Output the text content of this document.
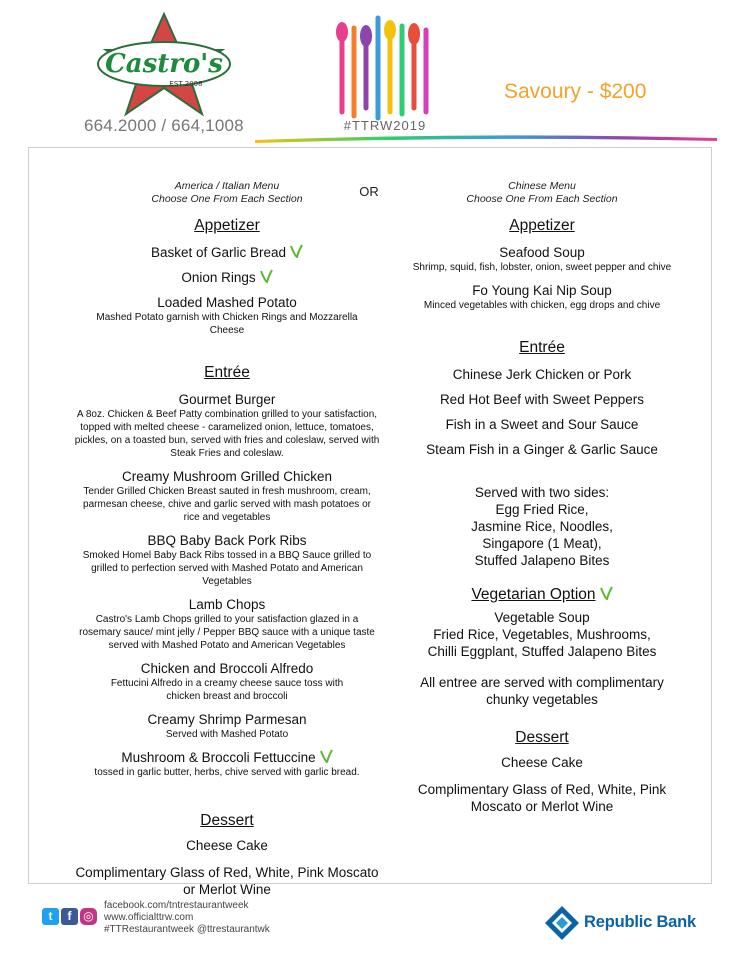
Castro's
EST 2008
664.2000 / 664,1008	#TTRW2019
Savoury - $200
OR
America / Italian Menu
Choose One From Each Section
Appetizer
Basket of Garlic Bread
Onion Rings
Loaded Mashed Potato
Mashed Potato garnish with Chicken Rings and Mozzarella Cheese
Entrée
Gourmet Burger
A 8oz. Chicken & Beef Patty combination grilled to your satisfaction, topped with melted cheese - caramelized onion, lettuce, tomatoes, pickles, on a toasted bun, served with fries and coleslaw, served with Steak Fries and coleslaw.
Creamy Mushroom Grilled Chicken
Tender Grilled Chicken Breast sauted in fresh mushroom, cream, parmesan cheese, chive and garlic served with mash potatoes or rice and vegetables
BBQ Baby Back Pork Ribs
Smoked Homel Baby Back Ribs tossed in a BBQ Sauce grilled to grilled to perfection served with Mashed Potato and American Vegetables
Lamb Chops
Castro's Lamb Chops grilled to your satisfaction glazed in a rosemary sauce/ mint jelly / Pepper BBQ sauce with a unique taste served with Mashed Potato and American Vegetables
Chicken and Broccoli Alfredo
Fettucini Alfredo in a creamy cheese sauce toss with chicken breast and broccoli
Creamy Shrimp Parmesan
Served with Mashed Potato
Mushroom & Broccoli Fettuccine
tossed in garlic butter, herbs, chive served with garlic bread.
Dessert
Cheese Cake
Complimentary Glass of Red, White, Pink Moscato or Merlot Wine
Chinese Menu
Choose One From Each Section
Appetizer
Seafood Soup
Shrimp, squid, fish, lobster, onion, sweet pepper and chive
Fo Young Kai Nip Soup
Minced vegetables with chicken, egg drops and chive
Entrée
Chinese Jerk Chicken or Pork
Red Hot Beef with Sweet Peppers
Fish in a Sweet and Sour Sauce
Steam Fish in a Ginger & Garlic Sauce
Served with two sides:
Egg Fried Rice,
Jasmine Rice, Noodles,
Singapore (1 Meat),
Stuffed Jalapeno Bites
Vegetarian Option
Vegetable Soup
Fried Rice, Vegetables, Mushrooms,
Chilli Eggplant, Stuffed Jalapeno Bites
All entree are served with complimentary
chunky vegetables
Dessert
Cheese Cake
Complimentary Glass of Red, White, Pink
Moscato or Merlot Wine
t f ◎
facebook.com/tntrestaurantweek
www.officialttrw.com
#TTRestaurantweek @ttrestaurantwk	Republic Bank
